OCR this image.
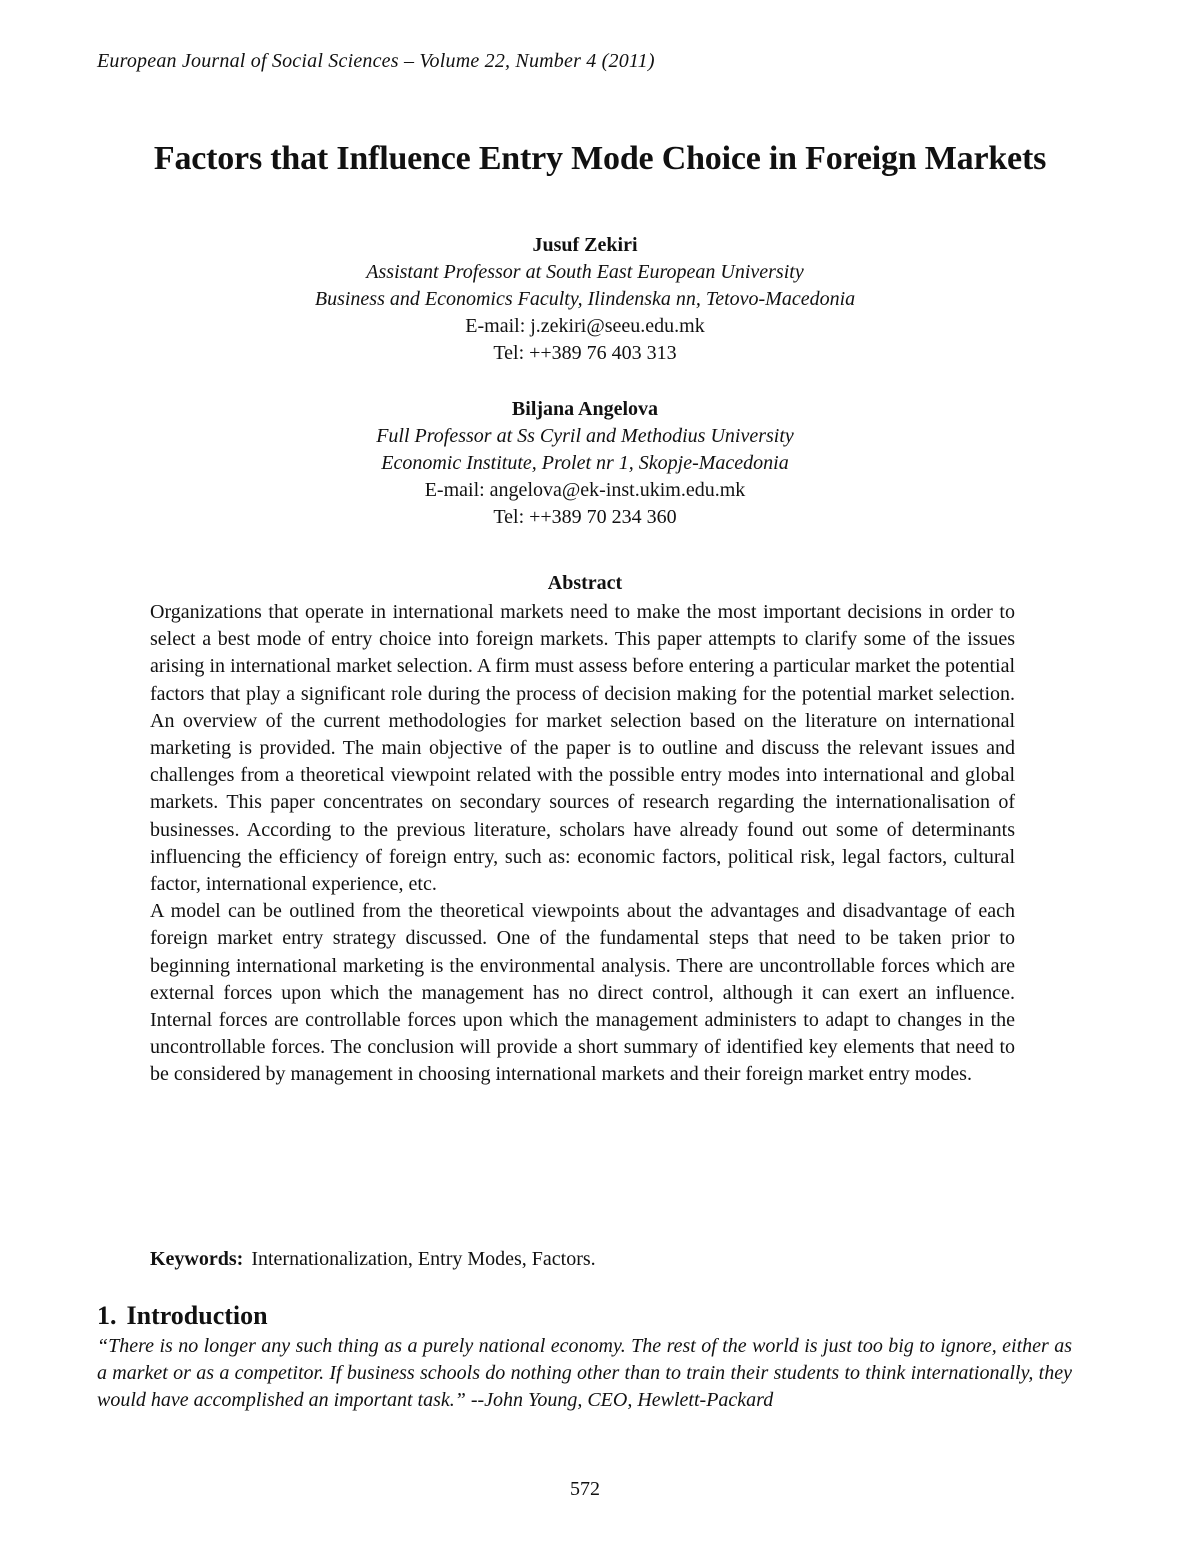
European Journal of Social Sciences – Volume 22, Number 4 (2011)
Factors that Influence Entry Mode Choice in Foreign Markets
Jusuf Zekiri
Assistant Professor at South East European University
Business and Economics Faculty, Ilindenska nn, Tetovo-Macedonia
E-mail: j.zekiri@seeu.edu.mk
Tel: ++389 76 403 313
Biljana Angelova
Full Professor at Ss Cyril and Methodius University
Economic Institute, Prolet nr 1, Skopje-Macedonia
E-mail: angelova@ek-inst.ukim.edu.mk
Tel: ++389 70 234 360
Abstract

Organizations that operate in international markets need to make the most important decisions in order to select a best mode of entry choice into foreign markets. This paper attempts to clarify some of the issues arising in international market selection. A firm must assess before entering a particular market the potential factors that play a significant role during the process of decision making for the potential market selection. An overview of the current methodologies for market selection based on the literature on international marketing is provided. The main objective of the paper is to outline and discuss the relevant issues and challenges from a theoretical viewpoint related with the possible entry modes into international and global markets. This paper concentrates on secondary sources of research regarding the internationalisation of businesses. According to the previous literature, scholars have already found out some of determinants influencing the efficiency of foreign entry, such as: economic factors, political risk, legal factors, cultural factor, international experience, etc.

A model can be outlined from the theoretical viewpoints about the advantages and disadvantage of each foreign market entry strategy discussed. One of the fundamental steps that need to be taken prior to beginning international marketing is the environmental analysis. There are uncontrollable forces which are external forces upon which the management has no direct control, although it can exert an influence. Internal forces are controllable forces upon which the management administers to adapt to changes in the uncontrollable forces. The conclusion will provide a short summary of identified key elements that need to be considered by management in choosing international markets and their foreign market entry modes.

Keywords: Internationalization, Entry Modes, Factors.
1. Introduction
“There is no longer any such thing as a purely national economy. The rest of the world is just too big to ignore, either as a market or as a competitor. If business schools do nothing other than to train their students to think internationally, they would have accomplished an important task.” --John Young, CEO, Hewlett-Packard
572
